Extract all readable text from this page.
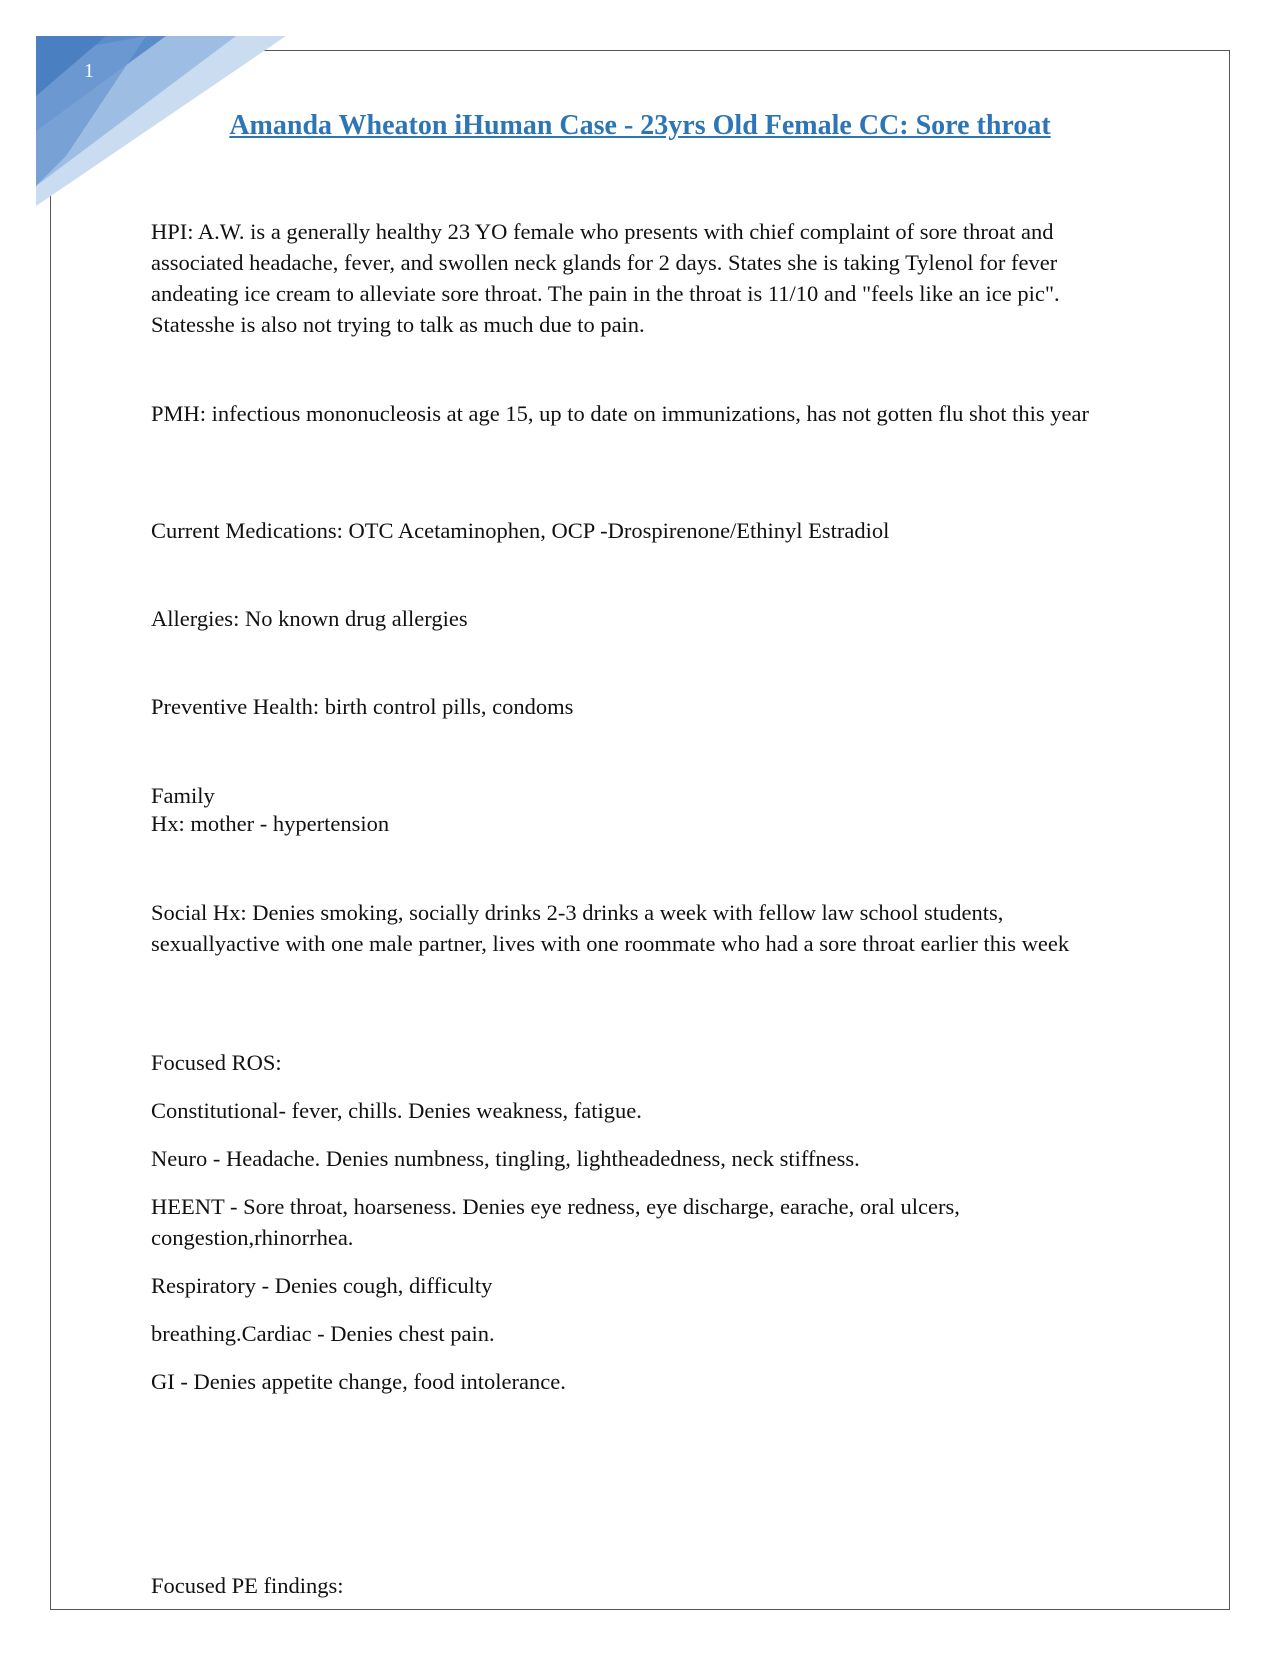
1
Amanda Wheaton iHuman Case - 23yrs Old Female CC: Sore throat

HPI: A.W. is a generally healthy 23 YO female who presents with chief complaint of sore throat and associated headache, fever, and swollen neck glands for 2 days. States she is taking Tylenol for fever andeating ice cream to alleviate sore throat. The pain in the throat is 11/10 and "feels like an ice pic". Statesshe is also not trying to talk as much due to pain.

PMH: infectious mononucleosis at age 15, up to date on immunizations, has not gotten flu shot this year

Current Medications: OTC Acetaminophen, OCP -Drospirenone/Ethinyl Estradiol

Allergies: No known drug allergies

Preventive Health: birth control pills, condoms

Family

Hx: mother - hypertension

Social Hx: Denies smoking, socially drinks 2-3 drinks a week with fellow law school students, sexuallyactive with one male partner, lives with one roommate who had a sore throat earlier this week

Focused ROS:

Constitutional- fever, chills. Denies weakness, fatigue.

Neuro - Headache. Denies numbness, tingling, lightheadedness, neck stiffness.

HEENT - Sore throat, hoarseness. Denies eye redness, eye discharge, earache, oral ulcers, congestion,rhinorrhea.

Respiratory - Denies cough, difficulty

breathing.Cardiac - Denies chest pain.

GI - Denies appetite change, food intolerance.

Focused PE findings:
